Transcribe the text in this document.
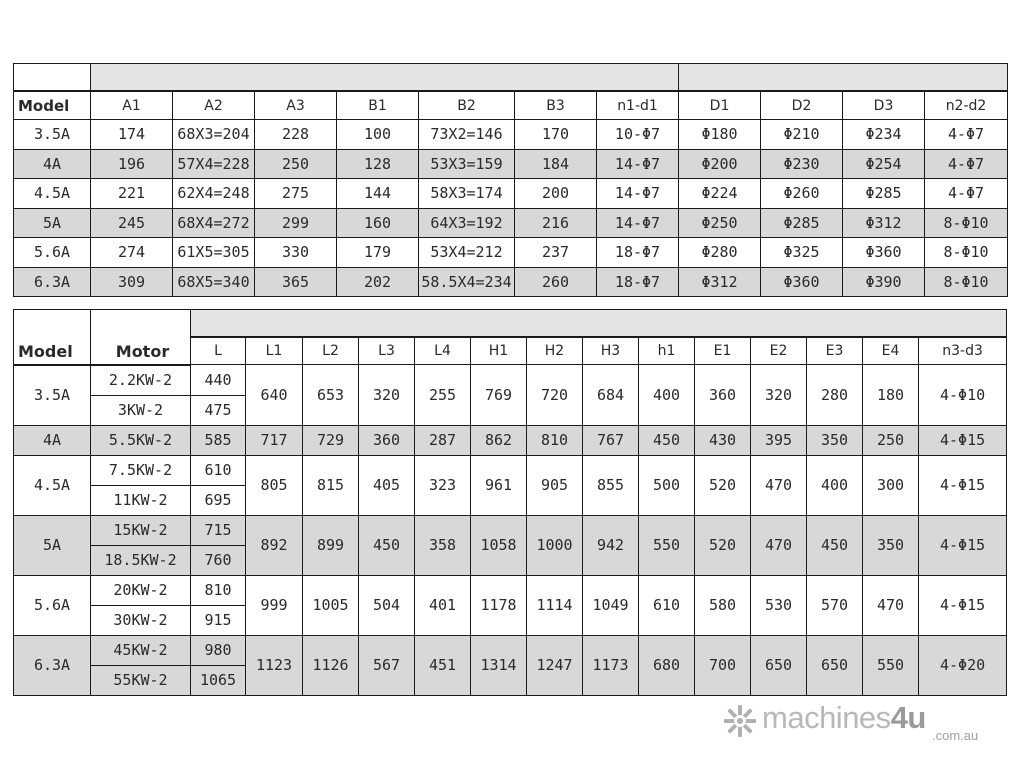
Model	A1	A2	A3	B1	B2	B3	n1-d1	D1	D2	D3	n2-d2
3.5A	174	68X3=204	228	100	73X2=146	170	10-Φ7	Φ180	Φ210	Φ234	4-Φ7
4A	196	57X4=228	250	128	53X3=159	184	14-Φ7	Φ200	Φ230	Φ254	4-Φ7
4.5A	221	62X4=248	275	144	58X3=174	200	14-Φ7	Φ224	Φ260	Φ285	4-Φ7
5A	245	68X4=272	299	160	64X3=192	216	14-Φ7	Φ250	Φ285	Φ312	8-Φ10
5.6A	274	61X5=305	330	179	53X4=212	237	18-Φ7	Φ280	Φ325	Φ360	8-Φ10
6.3A	309	68X5=340	365	202	58.5X4=234	260	18-Φ7	Φ312	Φ360	Φ390	8-Φ10
Model	Motor														
		L	L1	L2	L3	L4	H1	H2	H3	h1	E1	E2	E3	E4	n3-d3
3.5A	2.2KW-2	440	640	653	320	255	769	720	684	400	360	320	280	180	4-Φ10
	3KW-2	475													
4A	5.5KW-2	585	717	729	360	287	862	810	767	450	430	395	350	250	4-Φ15
4.5A	7.5KW-2	610	805	815	405	323	961	905	855	500	520	470	400	300	4-Φ15
	11KW-2	695													
5A	15KW-2	715	892	899	450	358	1058	1000	942	550	520	470	450	350	4-Φ15
	18.5KW-2	760													
5.6A	20KW-2	810	999	1005	504	401	1178	1114	1049	610	580	530	570	470	4-Φ15
	30KW-2	915													
6.3A	45KW-2	980	1123	1126	567	451	1314	1247	1173	680	700	650	650	550	4-Φ20
	55KW-2	1065													
machines4u
.com.au
